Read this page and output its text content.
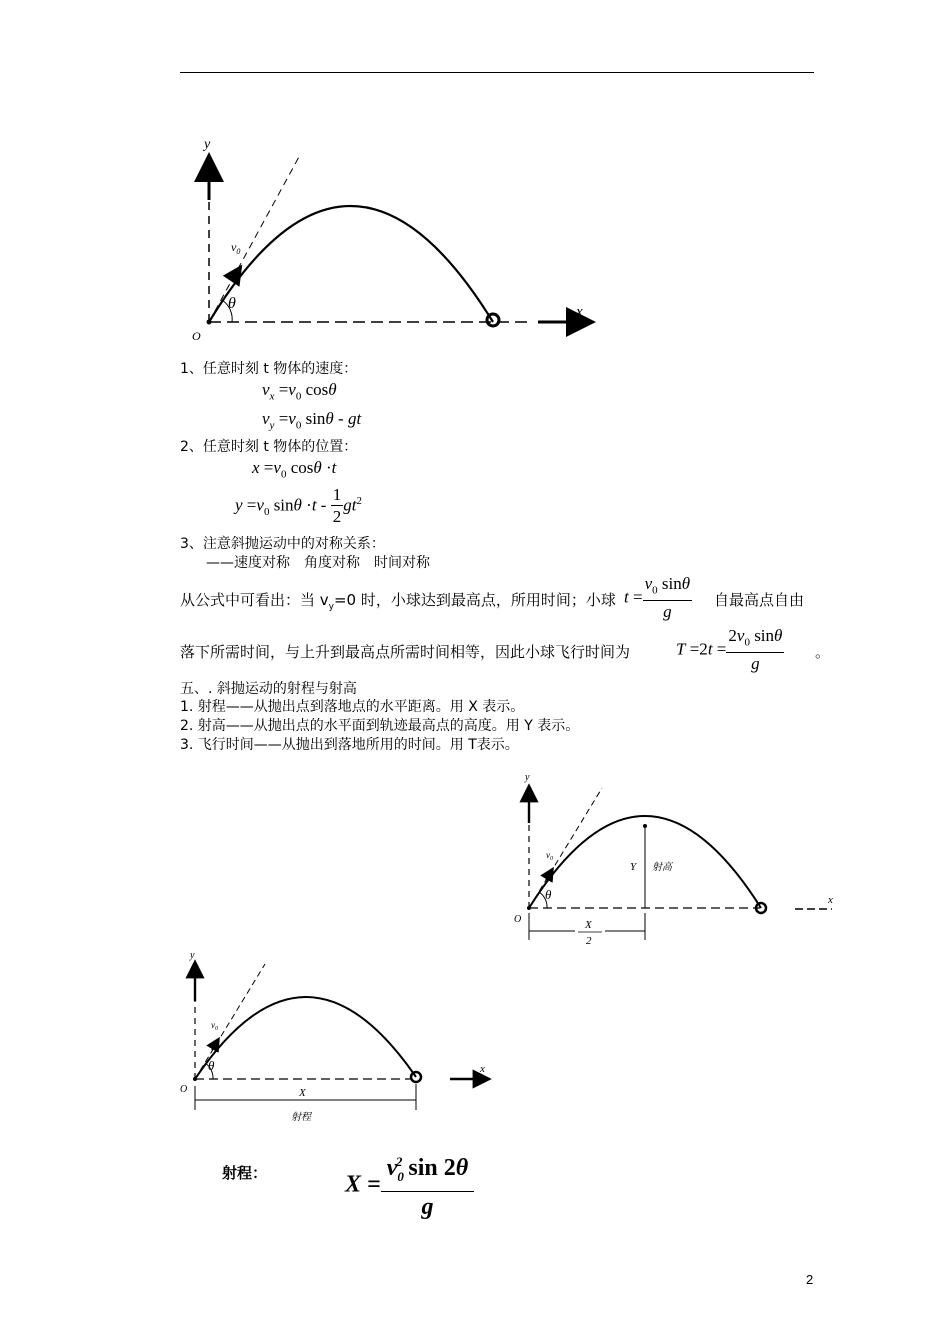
y
x
O
$v_0$
θ
1、任意时刻 t 物体的速度：
$v_x =v_0$ cosθ
$v_y =v_0$ sinθ - gt
2、任意时刻 t 物体的位置：
$x =v_0$ cosθ ·t
$y =v_0$ $\sin\theta \cdot t - \frac{1}{2} gt^2$
3、注意斜抛运动中的对称关系：
——速度对称　角度对称　时间对称
从公式中可看出：当 $v_y=0$ 时，小球达到最高点，所用时间；小球 $t = \frac{v_0 \sin\theta}{g}$ 自最高点自由
落下所需时间，与上升到最高点所需时间相等，因此小球飞行时间为	$T =2t = \frac{2v_0 \sin\theta}{g}$ 。
五、. 斜抛运动的射程与射高
1. 射程——从抛出点到落地点的水平距离。用 X 表示。
2. 射高——从抛出点的水平面到轨迹最高点的高度。用 Y 表示。
3. 飞行时间——从抛出到落地所用的时间。用 T表示。
y
x
O
$v_0$
θ
Y 射高
X
2
y
x
O
$v_0$
θ
X
射程
射程：	$X = \frac{v_0^2 \sin 2\theta}{g}$
2
